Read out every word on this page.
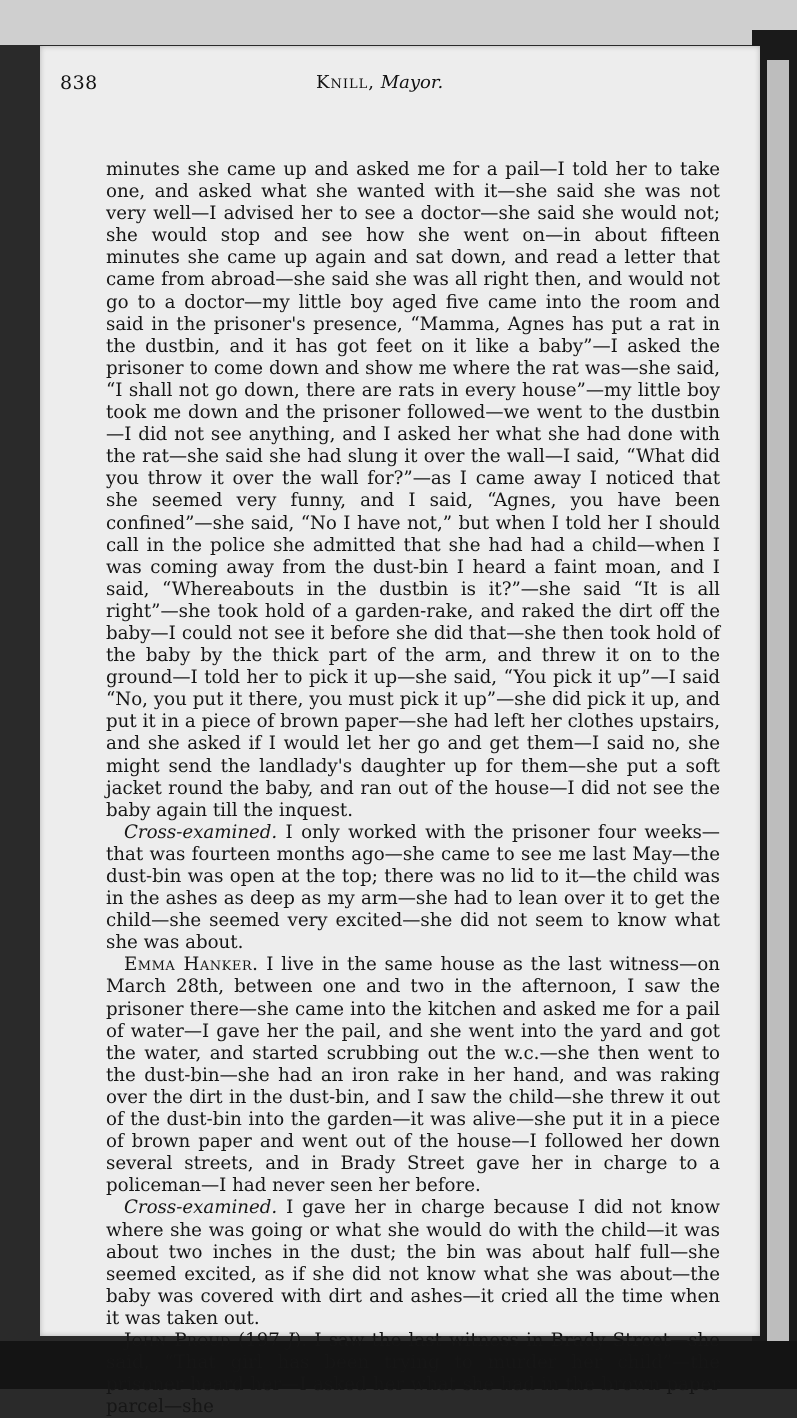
838	Knill, Mayor.

minutes she came up and asked me for a pail—I told her to take one, and asked what she wanted with it—she said she was not very well—I advised her to see a doctor—she said she would not; she would stop and see how she went on—in about fifteen minutes she came up again and sat down, and read a letter that came from abroad—she said she was all right then, and would not go to a doctor—my little boy aged five came into the room and said in the prisoner's presence, “Mamma, Agnes has put a rat in the dustbin, and it has got feet on it like a baby”—I asked the prisoner to come down and show me where the rat was—she said, “I shall not go down, there are rats in every house”—my little boy took me down and the prisoner followed—we went to the dustbin—I did not see anything, and I asked her what she had done with the rat—she said she had slung it over the wall—I said, “What did you throw it over the wall for?”—as I came away I noticed that she seemed very funny, and I said, “Agnes, you have been confined”—she said, “No I have not,” but when I told her I should call in the police she admitted that she had had a child—when I was coming away from the dust-bin I heard a faint moan, and I said, “Whereabouts in the dustbin is it?”—she said “It is all right”—she took hold of a garden-rake, and raked the dirt off the baby—I could not see it before she did that—she then took hold of the baby by the thick part of the arm, and threw it on to the ground—I told her to pick it up—she said, “You pick it up”—I said “No, you put it there, you must pick it up”—she did pick it up, and put it in a piece of brown paper—she had left her clothes upstairs, and she asked if I would let her go and get them—I said no, she might send the landlady's daughter up for them—she put a soft jacket round the baby, and ran out of the house—I did not see the baby again till the inquest.

Cross-examined. I only worked with the prisoner four weeks—that was fourteen months ago—she came to see me last May—the dust-bin was open at the top; there was no lid to it—the child was in the ashes as deep as my arm—she had to lean over it to get the child—she seemed very excited—she did not seem to know what she was about.

Emma Hanker. I live in the same house as the last witness—on March 28th, between one and two in the afternoon, I saw the prisoner there—she came into the kitchen and asked me for a pail of water—I gave her the pail, and she went into the yard and got the water, and started scrubbing out the w.c.—she then went to the dust-bin—she had an iron rake in her hand, and was raking over the dirt in the dust-bin, and I saw the child—she threw it out of the dust-bin into the garden—it was alive—she put it in a piece of brown paper and went out of the house—I followed her down several streets, and in Brady Street gave her in charge to a policeman—I had never seen her before.

Cross-examined. I gave her in charge because I did not know where she was going or what she would do with the child—it was about two inches in the dust; the bin was about half full—she seemed excited, as if she did not know what she was about—the baby was covered with dirt and ashes—it cried all the time when it was taken out.

John Proud (197 J). I saw the last witness in Brady Street—she said, “That girl has been trying to murder her child”—the prisoner heard her—I asked her what she had in the brown paper parcel—she
